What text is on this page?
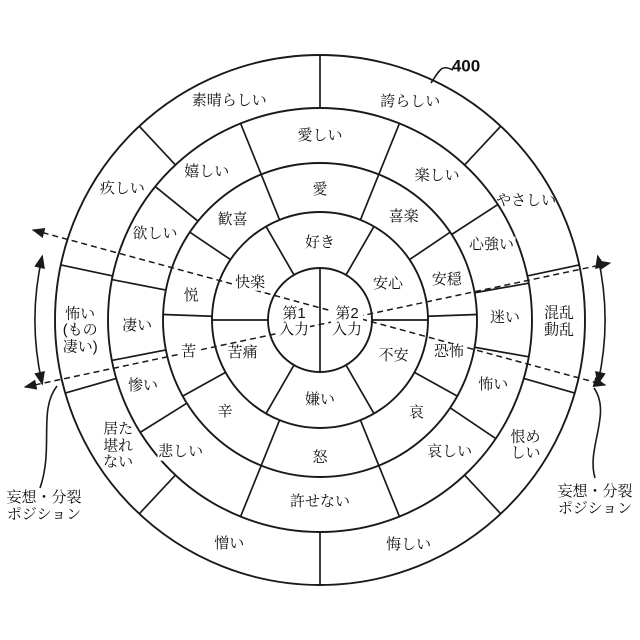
400
第1
入力
第2
入力
妄想・分裂
ポジション
妄想・分裂
ポジション
好き
安心
不安
嫌い
苦痛
快楽
愛
喜楽
安穏
恐怖
哀
怒
辛
苦
悦
歓喜
愛しい
楽しい
心強い
迷い
怖い
哀しい
許せない
悲しい
惨い
凄い
欲しい
嬉しい
誇らしい
やさしい
混乱
動乱
恨め
しい
悔しい
憎い
居た
堪れ
ない
怖い
(もの
凄い)
疚しい
素晴らしい
